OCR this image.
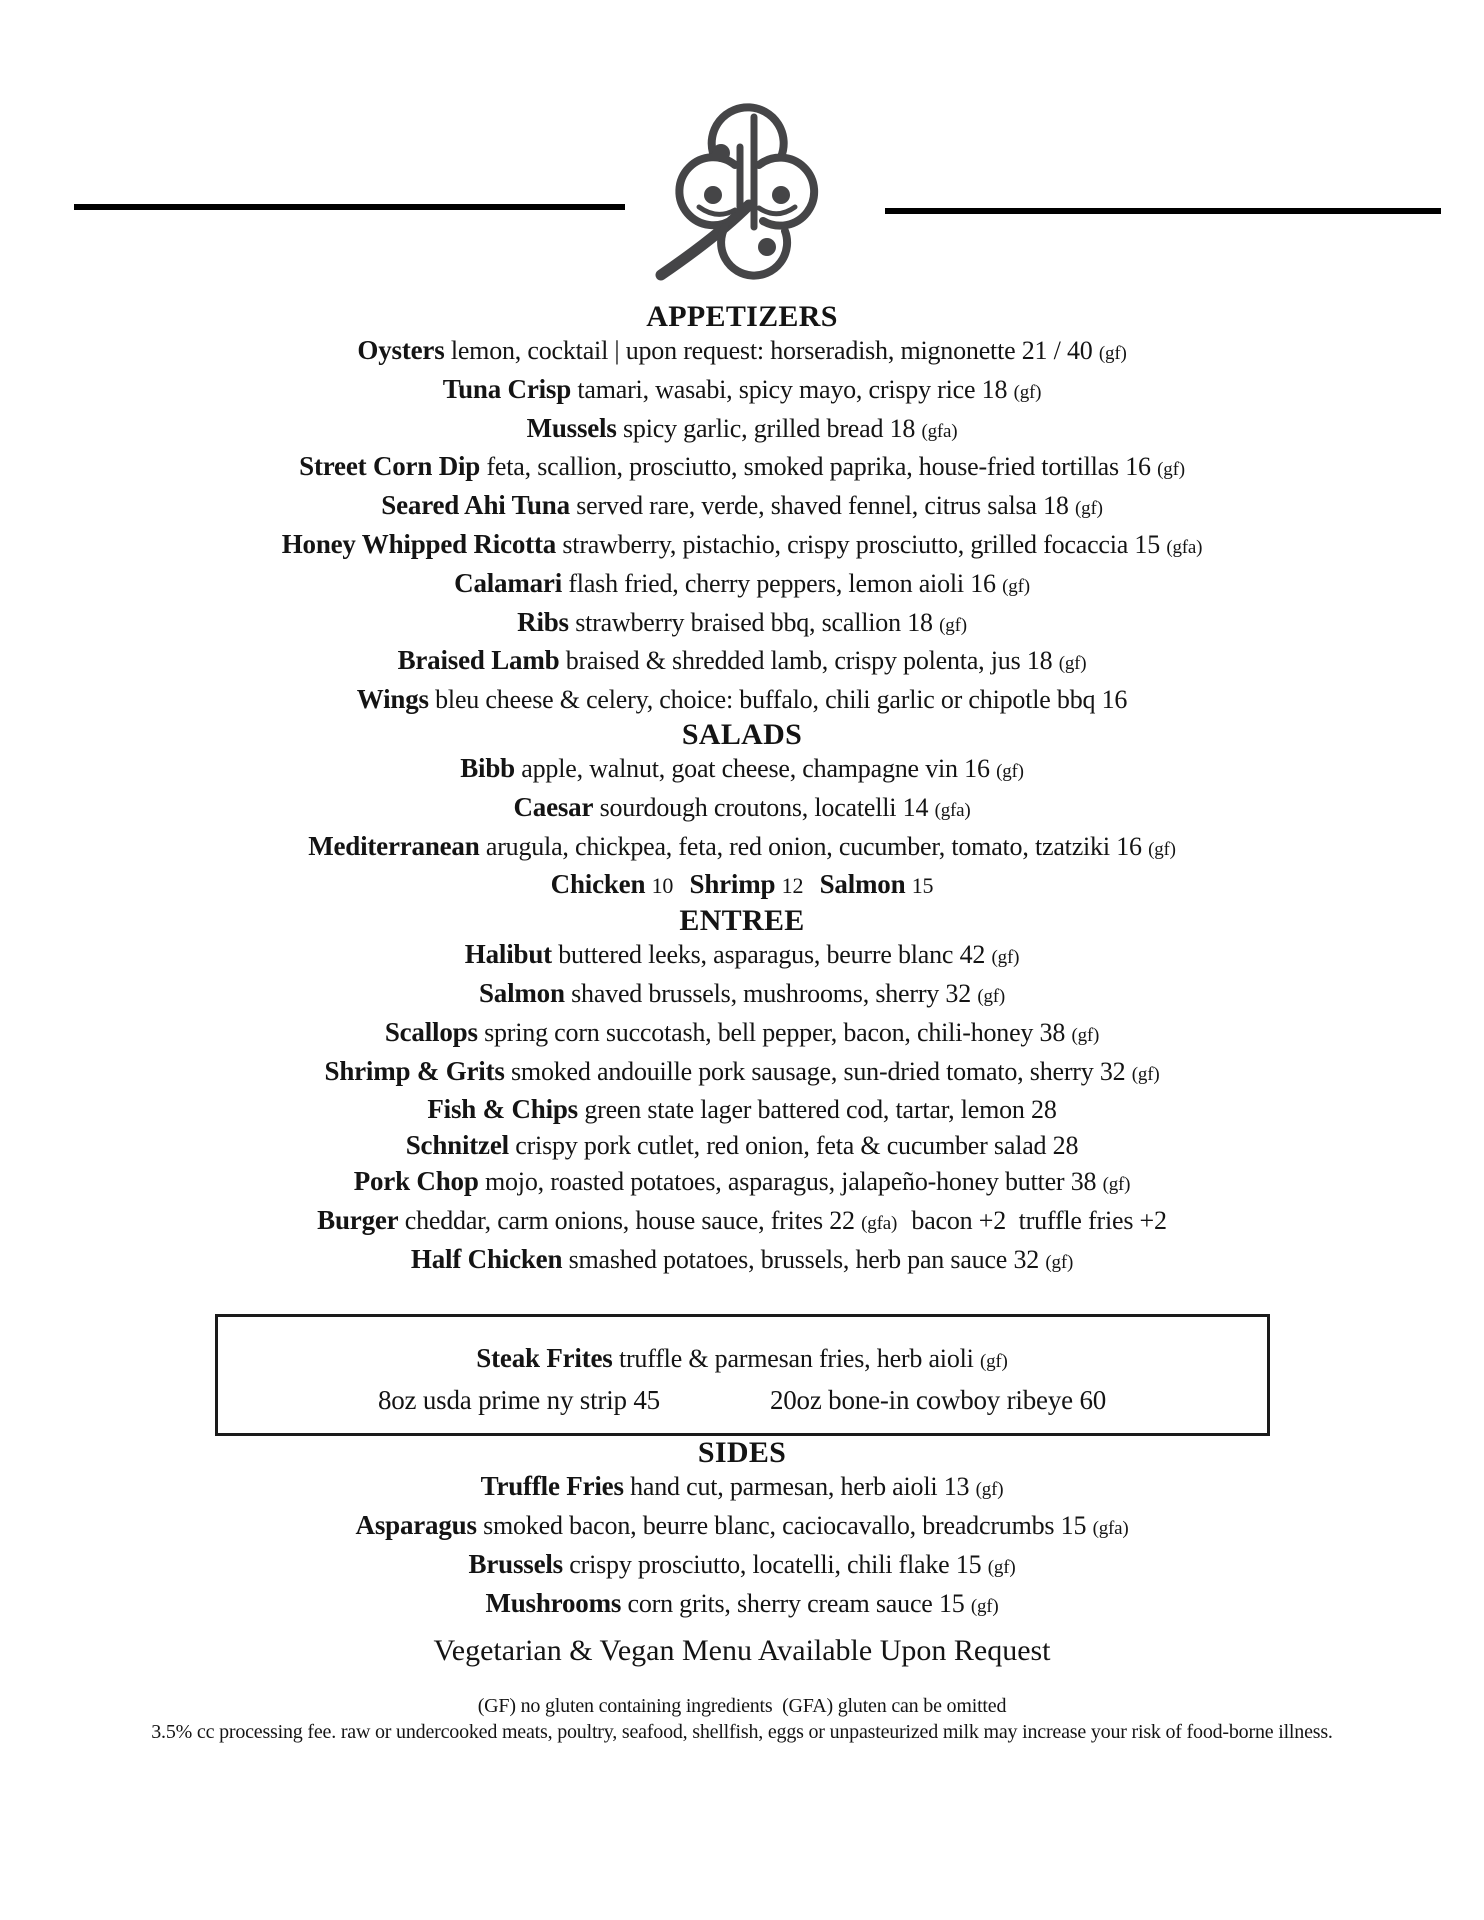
APPETIZERS
Oysters lemon, cocktail | upon request: horseradish, mignonette 21 / 40 (gf)
Tuna Crisp tamari, wasabi, spicy mayo, crispy rice 18 (gf)
Mussels spicy garlic, grilled bread 18 (gfa)
Street Corn Dip feta, scallion, prosciutto, smoked paprika, house-fried tortillas 16 (gf)
Seared Ahi Tuna served rare, verde, shaved fennel, citrus salsa 18 (gf)
Honey Whipped Ricotta strawberry, pistachio, crispy prosciutto, grilled focaccia 15 (gfa)
Calamari flash fried, cherry peppers, lemon aioli 16 (gf)
Ribs strawberry braised bbq, scallion 18 (gf)
Braised Lamb braised & shredded lamb, crispy polenta, jus 18 (gf)
Wings bleu cheese & celery, choice: buffalo, chili garlic or chipotle bbq 16
SALADS
Bibb apple, walnut, goat cheese, champagne vin 16 (gf)
Caesar sourdough croutons, locatelli 14 (gfa)
Mediterranean arugula, chickpea, feta, red onion, cucumber, tomato, tzatziki 16 (gf)
Chicken 10 Shrimp 12 Salmon 15
ENTREE
Halibut buttered leeks, asparagus, beurre blanc 42 (gf)
Salmon shaved brussels, mushrooms, sherry 32 (gf)
Scallops spring corn succotash, bell pepper, bacon, chili-honey 38 (gf)
Shrimp & Grits smoked andouille pork sausage, sun-dried tomato, sherry 32 (gf)
Fish & Chips green state lager battered cod, tartar, lemon 28
Schnitzel crispy pork cutlet, red onion, feta & cucumber salad 28
Pork Chop mojo, roasted potatoes, asparagus, jalapeño-honey butter 38 (gf)
Burger cheddar, carm onions, house sauce, frites 22 (gfa) bacon +2  truffle fries +2
Half Chicken smashed potatoes, brussels, herb pan sauce 32 (gf)
Steak Frites truffle & parmesan fries, herb aioli (gf)
8oz usda prime ny strip 45	20oz bone-in cowboy ribeye 60
SIDES
Truffle Fries hand cut, parmesan, herb aioli 13 (gf)
Asparagus smoked bacon, beurre blanc, caciocavallo, breadcrumbs 15 (gfa)
Brussels crispy prosciutto, locatelli, chili flake 15 (gf)
Mushrooms corn grits, sherry cream sauce 15 (gf)
Vegetarian & Vegan Menu Available Upon Request
(GF) no gluten containing ingredients  (GFA) gluten can be omitted
3.5% cc processing fee. raw or undercooked meats, poultry, seafood, shellfish, eggs or unpasteurized milk may increase your risk of food-borne illness.
